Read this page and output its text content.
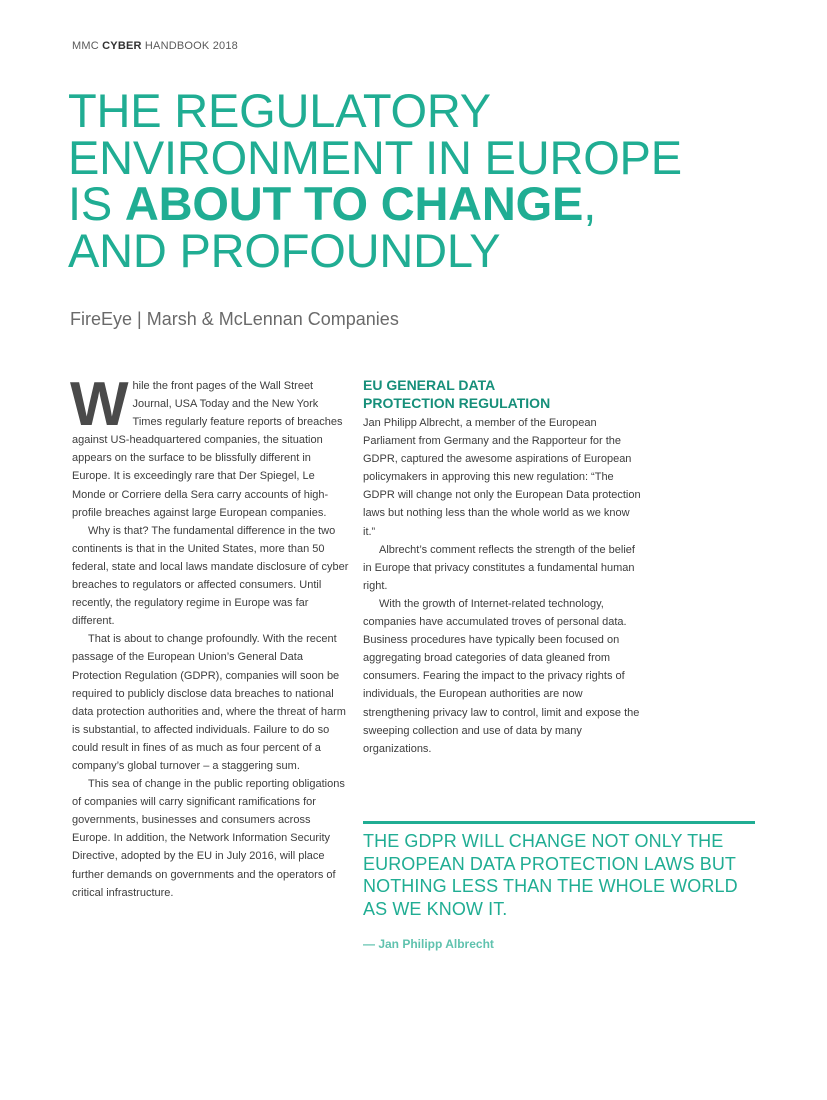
MMC CYBER HANDBOOK 2018
THE REGULATORY
ENVIRONMENT IN EUROPE
IS ABOUT TO CHANGE,
AND PROFOUNDLY
FireEye | Marsh & McLennan Companies

While the front pages of the Wall Street Journal, USA Today and the New York Times regularly feature reports of breaches against US-headquartered companies, the situation appears on the surface to be blissfully different in Europe. It is exceedingly rare that Der Spiegel, Le Monde or Corriere della Sera carry accounts of high-profile breaches against large European companies.

Why is that? The fundamental difference in the two continents is that in the United States, more than 50 federal, state and local laws mandate disclosure of cyber breaches to regulators or affected consumers. Until recently, the regulatory regime in Europe was far different.

That is about to change profoundly. With the recent passage of the European Union’s General Data Protection Regulation (GDPR), companies will soon be required to publicly disclose data breaches to national data protection authorities and, where the threat of harm is substantial, to affected individuals. Failure to do so could result in fines of as much as four percent of a company’s global turnover – a staggering sum.

This sea of change in the public reporting obligations of companies will carry significant ramifications for governments, businesses and consumers across Europe. In addition, the Network Information Security Directive, adopted by the EU in July 2016, will place further demands on governments and the operators of critical infrastructure.

EU GENERAL DATA
PROTECTION REGULATION

Jan Philipp Albrecht, a member of the European Parliament from Germany and the Rapporteur for the GDPR, captured the awesome aspirations of European policymakers in approving this new regulation: “The GDPR will change not only the European Data protection laws but nothing less than the whole world as we know it.”

Albrecht’s comment reflects the strength of the belief in Europe that privacy constitutes a fundamental human right.

With the growth of Internet-related technology, companies have accumulated troves of personal data. Business procedures have typically been focused on aggregating broad categories of data gleaned from consumers. Fearing the impact to the privacy rights of individuals, the European authorities are now strengthening privacy law to control, limit and expose the sweeping collection and use of data by many organizations.

THE GDPR WILL CHANGE NOT ONLY THE EUROPEAN DATA PROTECTION LAWS BUT NOTHING LESS THAN THE WHOLE WORLD AS WE KNOW IT.

— Jan Philipp Albrecht
